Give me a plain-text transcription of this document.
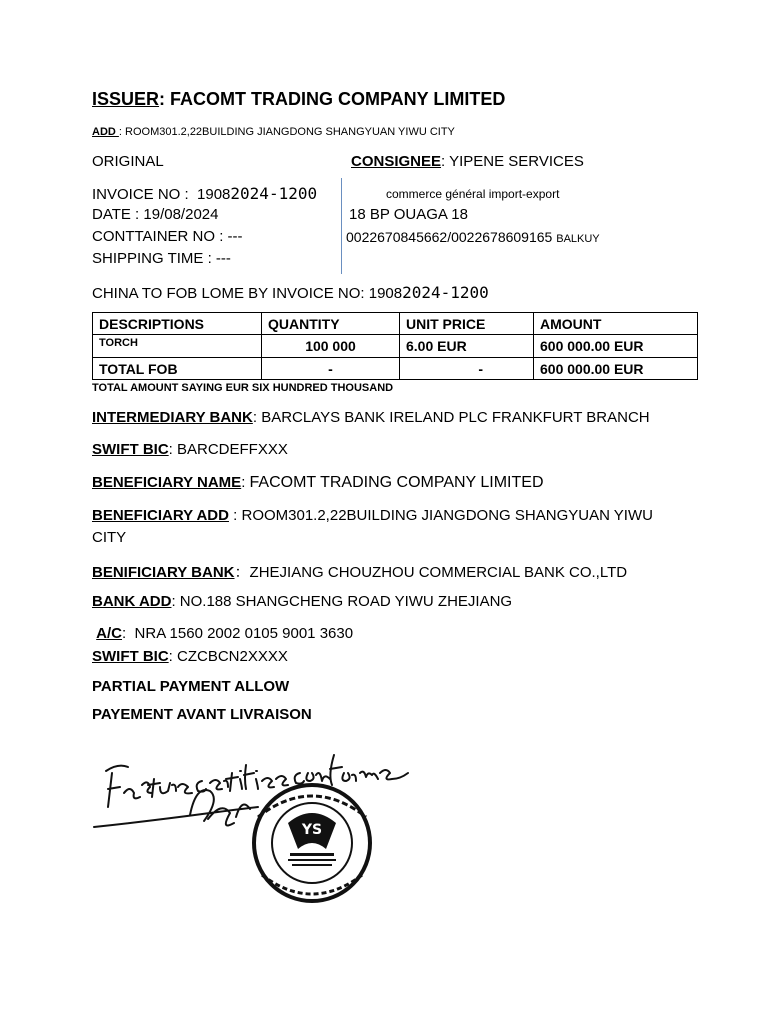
ISSUER: FACOMT TRADING COMPANY LIMITED
ADD : ROOM301.2,22BUILDING JIANGDONG SHANGYUAN YIWU CITY
ORIGINAL	CONSIGNEE: YIPENE SERVICES
INVOICE NO : 19082024-1200
DATE : 19/08/2024
CONTTAINER NO : ---
SHIPPING TIME : ---
commerce général import-export
18 BP OUAGA 18
0022670845662/0022678609165 BALKUY
CHINA TO FOB LOME BY INVOICE NO: 19082024-1200
DESCRIPTIONS	QUANTITY	UNIT PRICE	AMOUNT
TORCH	100 000	6.00 EUR	600 000.00 EUR
TOTAL FOB	-	-	600 000.00 EUR
TOTAL AMOUNT SAYING EUR SIX HUNDRED THOUSAND
INTERMEDIARY BANK: BARCLAYS BANK IRELAND PLC FRANKFURT BRANCH
SWIFT BIC: BARCDEFFXXX
BENEFICIARY NAME: FACOMT TRADING COMPANY LIMITED
BENEFICIARY ADD : ROOM301.2,22BUILDING JIANGDONG SHANGYUAN YIWU
CITY
BENIFICIARY BANK：ZHEJIANG CHOUZHOU COMMERCIAL BANK CO.,LTD
BANK ADD: NO.188 SHANGCHENG ROAD YIWU ZHEJIANG
A/C:  NRA 1560 2002 0105 9001 3630
SWIFT BIC: CZCBCN2XXXX
PARTIAL PAYMENT ALLOW
PAYEMENT AVANT LIVRAISON
YS
